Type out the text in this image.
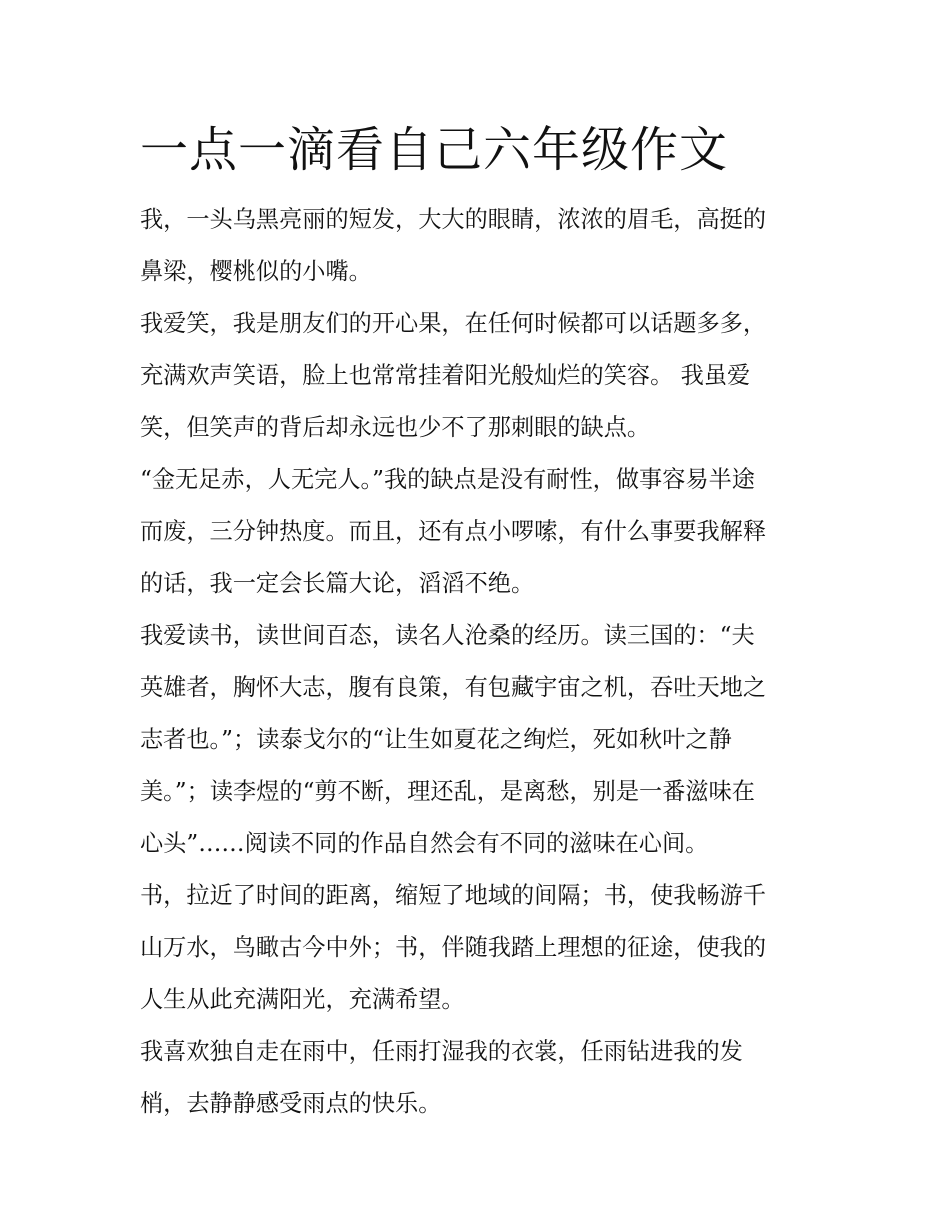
一点一滴看自己六年级作文
我，一头乌黑亮丽的短发，大大的眼睛，浓浓的眉毛，高挺的
鼻梁，樱桃似的小嘴。
我爱笑，我是朋友们的开心果，在任何时候都可以话题多多，
充满欢声笑语，脸上也常常挂着阳光般灿烂的笑容。 我虽爱
笑，但笑声的背后却永远也少不了那刺眼的缺点。
“金无足赤，人无完人。”我的缺点是没有耐性，做事容易半途
而废，三分钟热度。而且，还有点小啰嗦，有什么事要我解释
的话，我一定会长篇大论，滔滔不绝。
我爱读书，读世间百态，读名人沧桑的经历。读三国的：“夫
英雄者，胸怀大志，腹有良策，有包藏宇宙之机，吞吐天地之
志者也。”；读泰戈尔的“让生如夏花之绚烂，死如秋叶之静
美。”；读李煜的“剪不断，理还乱，是离愁，别是一番滋味在
心头”……阅读不同的作品自然会有不同的滋味在心间。
书，拉近了时间的距离，缩短了地域的间隔；书，使我畅游千
山万水，鸟瞰古今中外；书，伴随我踏上理想的征途，使我的
人生从此充满阳光，充满希望。
我喜欢独自走在雨中，任雨打湿我的衣裳，任雨钻进我的发
梢，去静静感受雨点的快乐。
